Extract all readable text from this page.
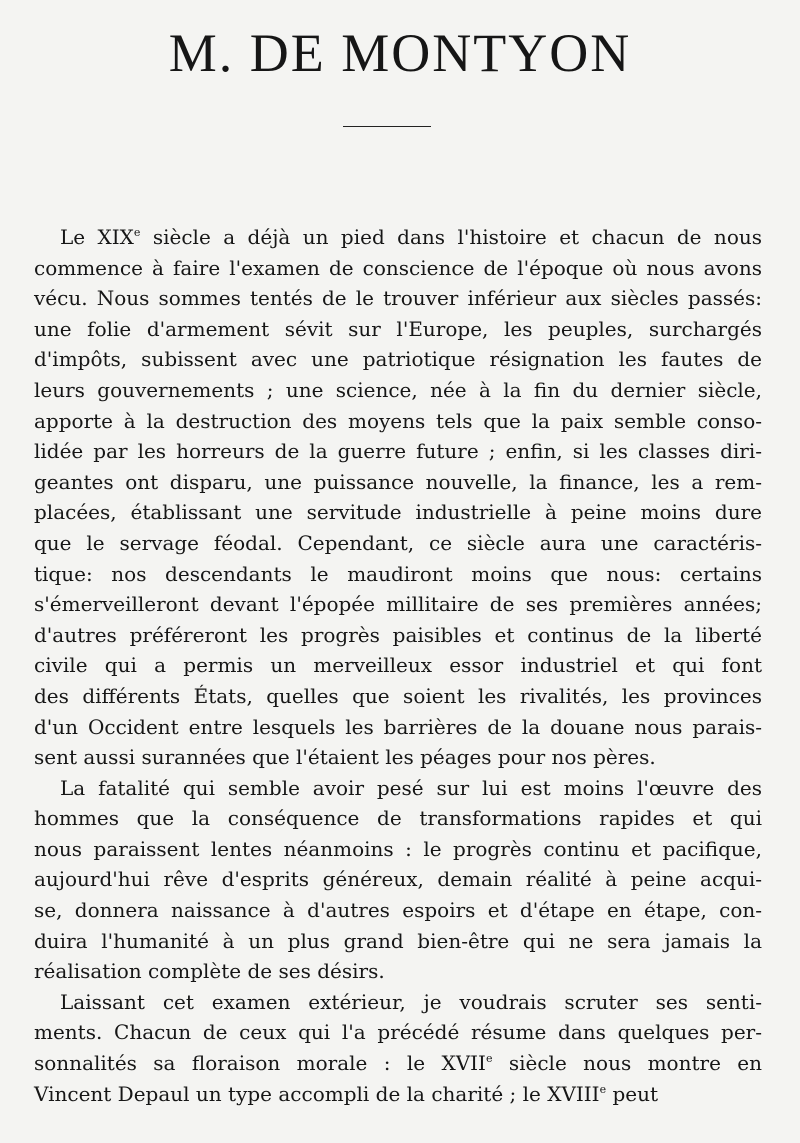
M. DE MONTYON

Le XIXe siècle a déjà un pied dans l'histoire et chacun de nous
commence à faire l'examen de conscience de l'époque où nous avons
vécu. Nous sommes tentés de le trouver inférieur aux siècles passés:
une folie d'armement sévit sur l'Europe, les peuples, surchargés
d'impôts, subissent avec une patriotique résignation les fautes de
leurs gouvernements ; une science, née à la fin du dernier siècle,
apporte à la destruction des moyens tels que la paix semble conso-
lidée par les horreurs de la guerre future ; enfin, si les classes diri-
geantes ont disparu, une puissance nouvelle, la finance, les a rem-
placées, établissant une servitude industrielle à peine moins dure
que le servage féodal. Cependant, ce siècle aura une caractéris-
tique: nos descendants le maudiront moins que nous: certains
s'émerveilleront devant l'épopée millitaire de ses premières années;
d'autres préféreront les progrès paisibles et continus de la liberté
civile qui a permis un merveilleux essor industriel et qui font
des différents États, quelles que soient les rivalités, les provinces
d'un Occident entre lesquels les barrières de la douane nous parais-
sent aussi surannées que l'étaient les péages pour nos pères.

La fatalité qui semble avoir pesé sur lui est moins l'œuvre des
hommes que la conséquence de transformations rapides et qui
nous paraissent lentes néanmoins : le progrès continu et pacifique,
aujourd'hui rêve d'esprits généreux, demain réalité à peine acqui-
se, donnera naissance à d'autres espoirs et d'étape en étape, con-
duira l'humanité à un plus grand bien-être qui ne sera jamais la
réalisation complète de ses désirs.

Laissant cet examen extérieur, je voudrais scruter ses senti-
ments. Chacun de ceux qui l'a précédé résume dans quelques per-
sonnalités sa floraison morale : le XVIIe siècle nous montre en
Vincent Depaul un type accompli de la charité ; le XVIIIe peut
